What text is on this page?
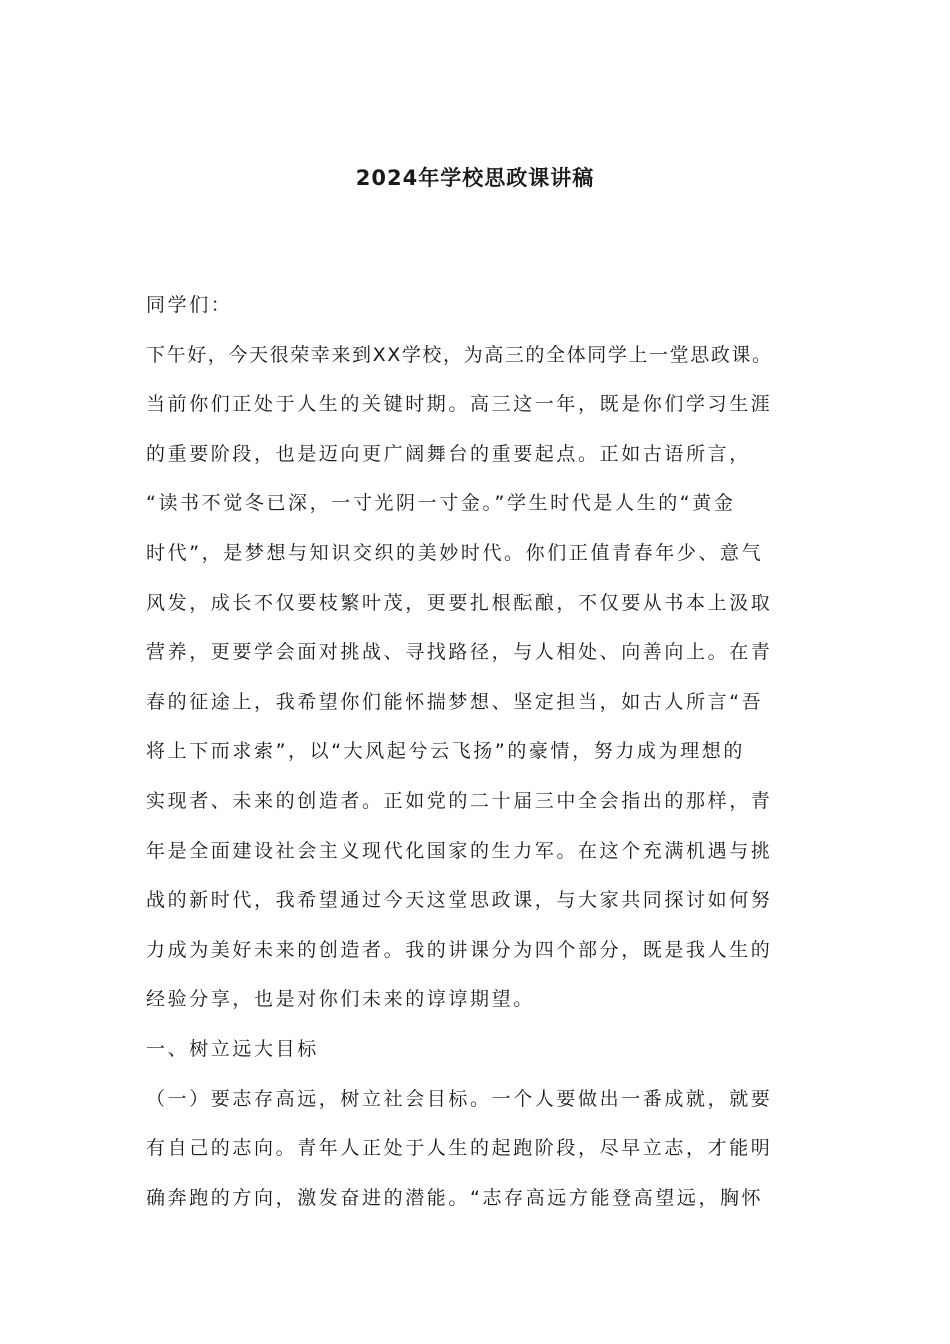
2024年学校思政课讲稿
同学们：
下午好，今天很荣幸来到XX学校，为高三的全体同学上一堂思政课。
当前你们正处于人生的关键时期。高三这一年，既是你们学习生涯
的重要阶段，也是迈向更广阔舞台的重要起点。正如古语所言，
“读书不觉冬已深，一寸光阴一寸金。”学生时代是人生的“黄金
时代”，是梦想与知识交织的美妙时代。你们正值青春年少、意气
风发，成长不仅要枝繁叶茂，更要扎根酝酿，不仅要从书本上汲取
营养，更要学会面对挑战、寻找路径，与人相处、向善向上。在青
春的征途上，我希望你们能怀揣梦想、坚定担当，如古人所言“吾
将上下而求索”，以“大风起兮云飞扬”的豪情，努力成为理想的
实现者、未来的创造者。正如党的二十届三中全会指出的那样，青
年是全面建设社会主义现代化国家的生力军。在这个充满机遇与挑
战的新时代，我希望通过今天这堂思政课，与大家共同探讨如何努
力成为美好未来的创造者。我的讲课分为四个部分，既是我人生的
经验分享，也是对你们未来的谆谆期望。
一、树立远大目标
（一）要志存高远，树立社会目标。一个人要做出一番成就，就要
有自己的志向。青年人正处于人生的起跑阶段，尽早立志，才能明
确奔跑的方向，激发奋进的潜能。“志存高远方能登高望远，胸怀
